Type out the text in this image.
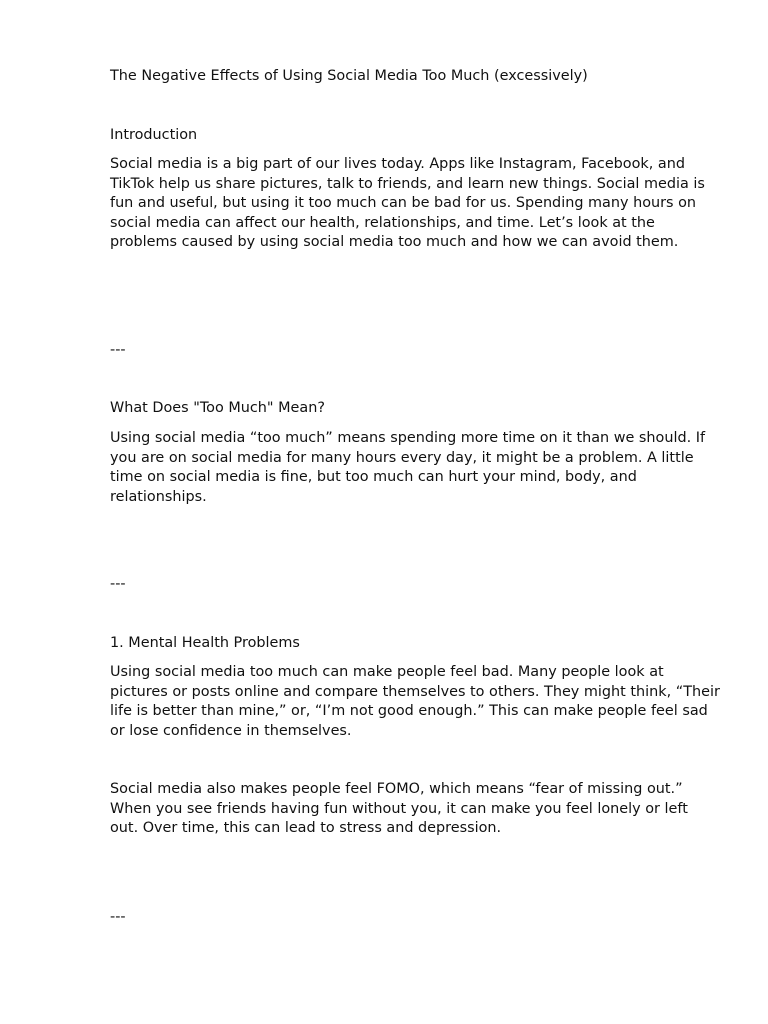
The Negative Effects of Using Social Media Too Much (excessively)

Introduction

Social media is a big part of our lives today. Apps like Instagram, Facebook, and TikTok help us share pictures, talk to friends, and learn new things. Social media is fun and useful, but using it too much can be bad for us. Spending many hours on social media can affect our health, relationships, and time. Let’s look at the problems caused by using social media too much and how we can avoid them.

---

What Does "Too Much" Mean?

Using social media “too much” means spending more time on it than we should. If you are on social media for many hours every day, it might be a problem. A little time on social media is fine, but too much can hurt your mind, body, and relationships.

---

1. Mental Health Problems

Using social media too much can make people feel bad. Many people look at pictures or posts online and compare themselves to others. They might think, “Their life is better than mine,” or, “I’m not good enough.” This can make people feel sad or lose confidence in themselves.

Social media also makes people feel FOMO, which means “fear of missing out.” When you see friends having fun without you, it can make you feel lonely or left out. Over time, this can lead to stress and depression.

---
